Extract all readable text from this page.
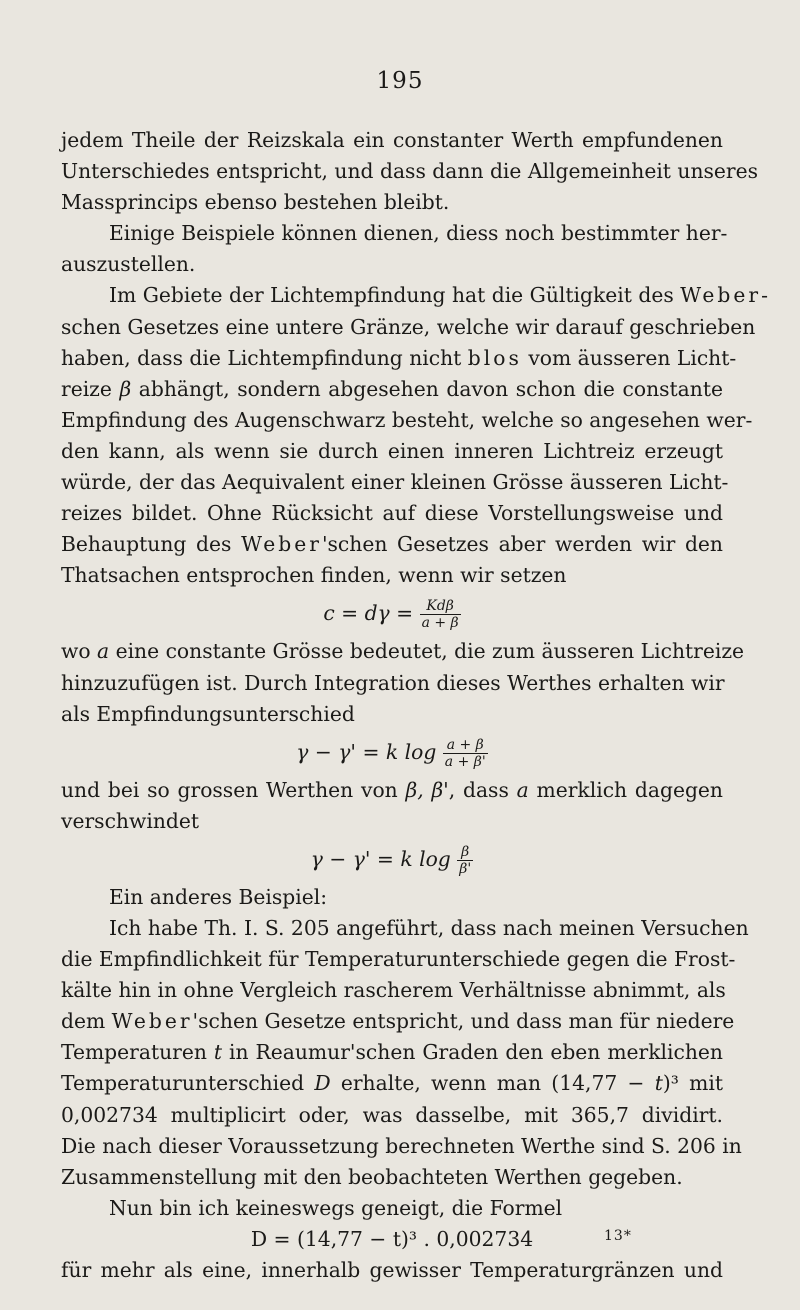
195
jedem Theile der Reizskala ein constanter Werth empfundenen
Unterschiedes entspricht, und dass dann die Allgemeinheit unseres
Massprincips ebenso bestehen bleibt.
Einige Beispiele können dienen, diess noch bestimmter her-
auszustellen.
Im Gebiete der Lichtempfindung hat die Gültigkeit des Weber-
schen Gesetzes eine untere Gränze, welche wir darauf geschrieben
haben, dass die Lichtempfindung nicht blos vom äusseren Licht-
reize β abhängt, sondern abgesehen davon schon die constante
Empfindung des Augenschwarz besteht, welche so angesehen wer-
den kann, als wenn sie durch einen inneren Lichtreiz erzeugt
würde, der das Aequivalent einer kleinen Grösse äusseren Licht-
reizes bildet. Ohne Rücksicht auf diese Vorstellungsweise und
Behauptung des Weber'schen Gesetzes aber werden wir den
Thatsachen entsprochen finden, wenn wir setzen
$c = d\gamma = \frac{\text{Kdβ}}{a + \beta}$
wo a eine constante Grösse bedeutet, die zum äusseren Lichtreize
hinzuzufügen ist. Durch Integration dieses Werthes erhalten wir
als Empfindungsunterschied
γ − γ' = k $\log \frac{a + \beta}{a + \beta'}$
und bei so grossen Werthen von β, β', dass a merklich dagegen
verschwindet
γ − γ' = k $\log \frac{\beta}{\beta'}$
Ein anderes Beispiel:
Ich habe Th. I. S. 205 angeführt, dass nach meinen Versuchen
die Empfindlichkeit für Temperaturunterschiede gegen die Frost-
kälte hin in ohne Vergleich rascherem Verhältnisse abnimmt, als
dem Weber'schen Gesetze entspricht, und dass man für niedere
Temperaturen t in Reaumur'schen Graden den eben merklichen
Temperaturunterschied D erhalte, wenn man (14,77 − t)³ mit
0,002734 multiplicirt oder, was dasselbe, mit 365,7 dividirt.
Die nach dieser Voraussetzung berechneten Werthe sind S. 206 in
Zusammenstellung mit den beobachteten Werthen gegeben.
Nun bin ich keineswegs geneigt, die Formel
D = (14,77 − t)³ . 0,002734
für mehr als eine, innerhalb gewisser Temperaturgränzen und
13*
